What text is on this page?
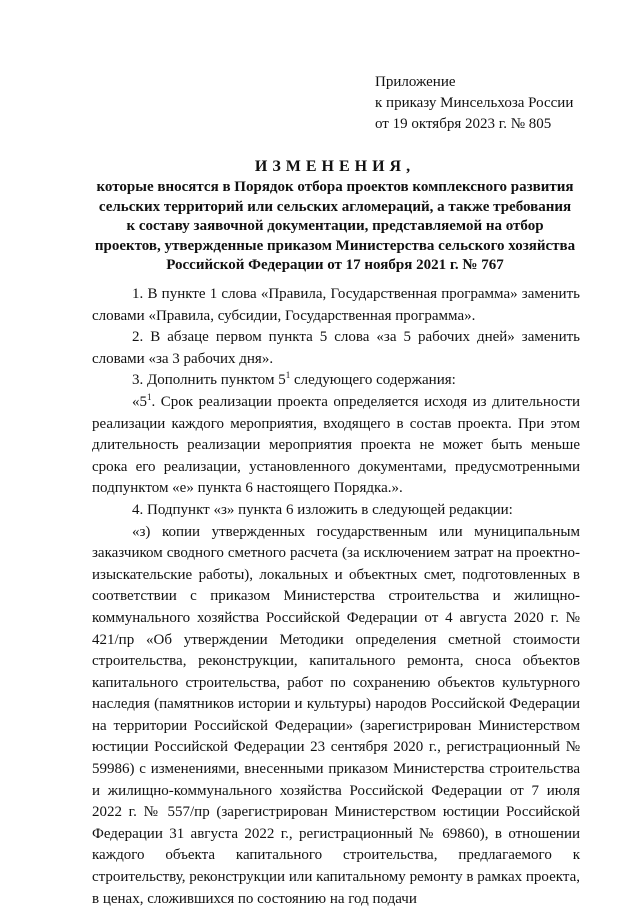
Приложение
к приказу Минсельхоза России
от 19 октября 2023 г. № 805
ИЗМЕНЕНИЯ,
которые вносятся в Порядок отбора проектов комплексного развития
сельских территорий или сельских агломераций, а также требования
к составу заявочной документации, представляемой на отбор
проектов, утвержденные приказом Министерства сельского хозяйства
Российской Федерации от 17 ноября 2021 г. № 767

1. В пункте 1 слова «Правила, Государственная программа» заменить словами «Правила, субсидии, Государственная программа».

2. В абзаце первом пункта 5 слова «за 5 рабочих дней» заменить словами «за 3 рабочих дня».

3. Дополнить пунктом $5^1$ следующего содержания:

«$5^1$. Срок реализации проекта определяется исходя из длительности реализации каждого мероприятия, входящего в состав проекта. При этом длительность реализации мероприятия проекта не может быть меньше срока его реализации, установленного документами, предусмотренными подпунктом «е» пункта 6 настоящего Порядка.».

4. Подпункт «з» пункта 6 изложить в следующей редакции:

«з) копии утвержденных государственным или муниципальным заказчиком сводного сметного расчета (за исключением затрат на проектно-изыскательские работы), локальных и объектных смет, подготовленных в соответствии с приказом Министерства строительства и жилищно-коммунального хозяйства Российской Федерации от 4 августа 2020 г. № 421/пр «Об утверждении Методики определения сметной стоимости строительства, реконструкции, капитального ремонта, сноса объектов капитального строительства, работ по сохранению объектов культурного наследия (памятников истории и культуры) народов Российской Федерации на территории Российской Федерации» (зарегистрирован Министерством юстиции Российской Федерации 23 сентября 2020 г., регистрационный № 59986) с изменениями, внесенными приказом Министерства строительства и жилищно-коммунального хозяйства Российской Федерации от 7 июля 2022 г. № 557/пр (зарегистрирован Министерством юстиции Российской Федерации 31 августа 2022 г., регистрационный № 69860), в отношении каждого объекта капитального строительства, предлагаемого к строительству, реконструкции или капитальному ремонту в рамках проекта, в ценах, сложившихся по состоянию на год подачи
